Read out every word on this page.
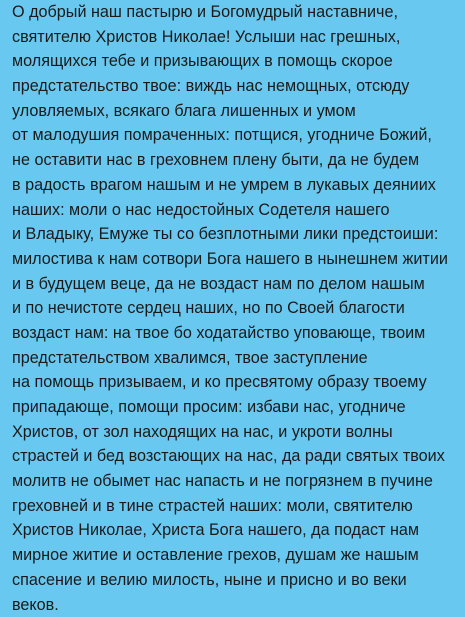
О добрый наш пастырю и Богомудрый наставниче,
святителю Христов Николае! Услыши нас грешных,
молящихся тебе и призывающих в помощь скорое
предстательство твое: виждь нас немощных, отсюду
уловляемых, всякаго блага лишенных и умом
от малодушия помраченных: потщися, угодниче Божий,
не оставити нас в греховнем плену быти, да не будем
в радость врагом нашым и не умрем в лукавых деяниих
наших: моли о нас недостойных Содетеля нашего
и Владыку, Емуже ты со безплотными лики предстоиши:
милостива к нам сотвори Бога нашего в нынешнем житии
и в будущем веце, да не воздаст нам по делом нашым
и по нечистоте сердец наших, но по Своей благости
воздаст нам: на твое бо ходатайство уповающе, твоим
предстательством хвалимся, твое заступление
на помощь призываем, и ко пресвятому образу твоему
припадающе, помощи просим: избави нас, угодниче
Христов, от зол находящих на нас, и укроти волны
страстей и бед возстающих на нас, да ради святых твоих
молитв не обымет нас напасть и не погрязнем в пучине
греховней и в тине страстей наших: моли, святителю
Христов Николае, Христа Бога нашего, да подаст нам
мирное житие и оставление грехов, душам же нашым
спасение и велию милость, ныне и присно и во веки
веков.
